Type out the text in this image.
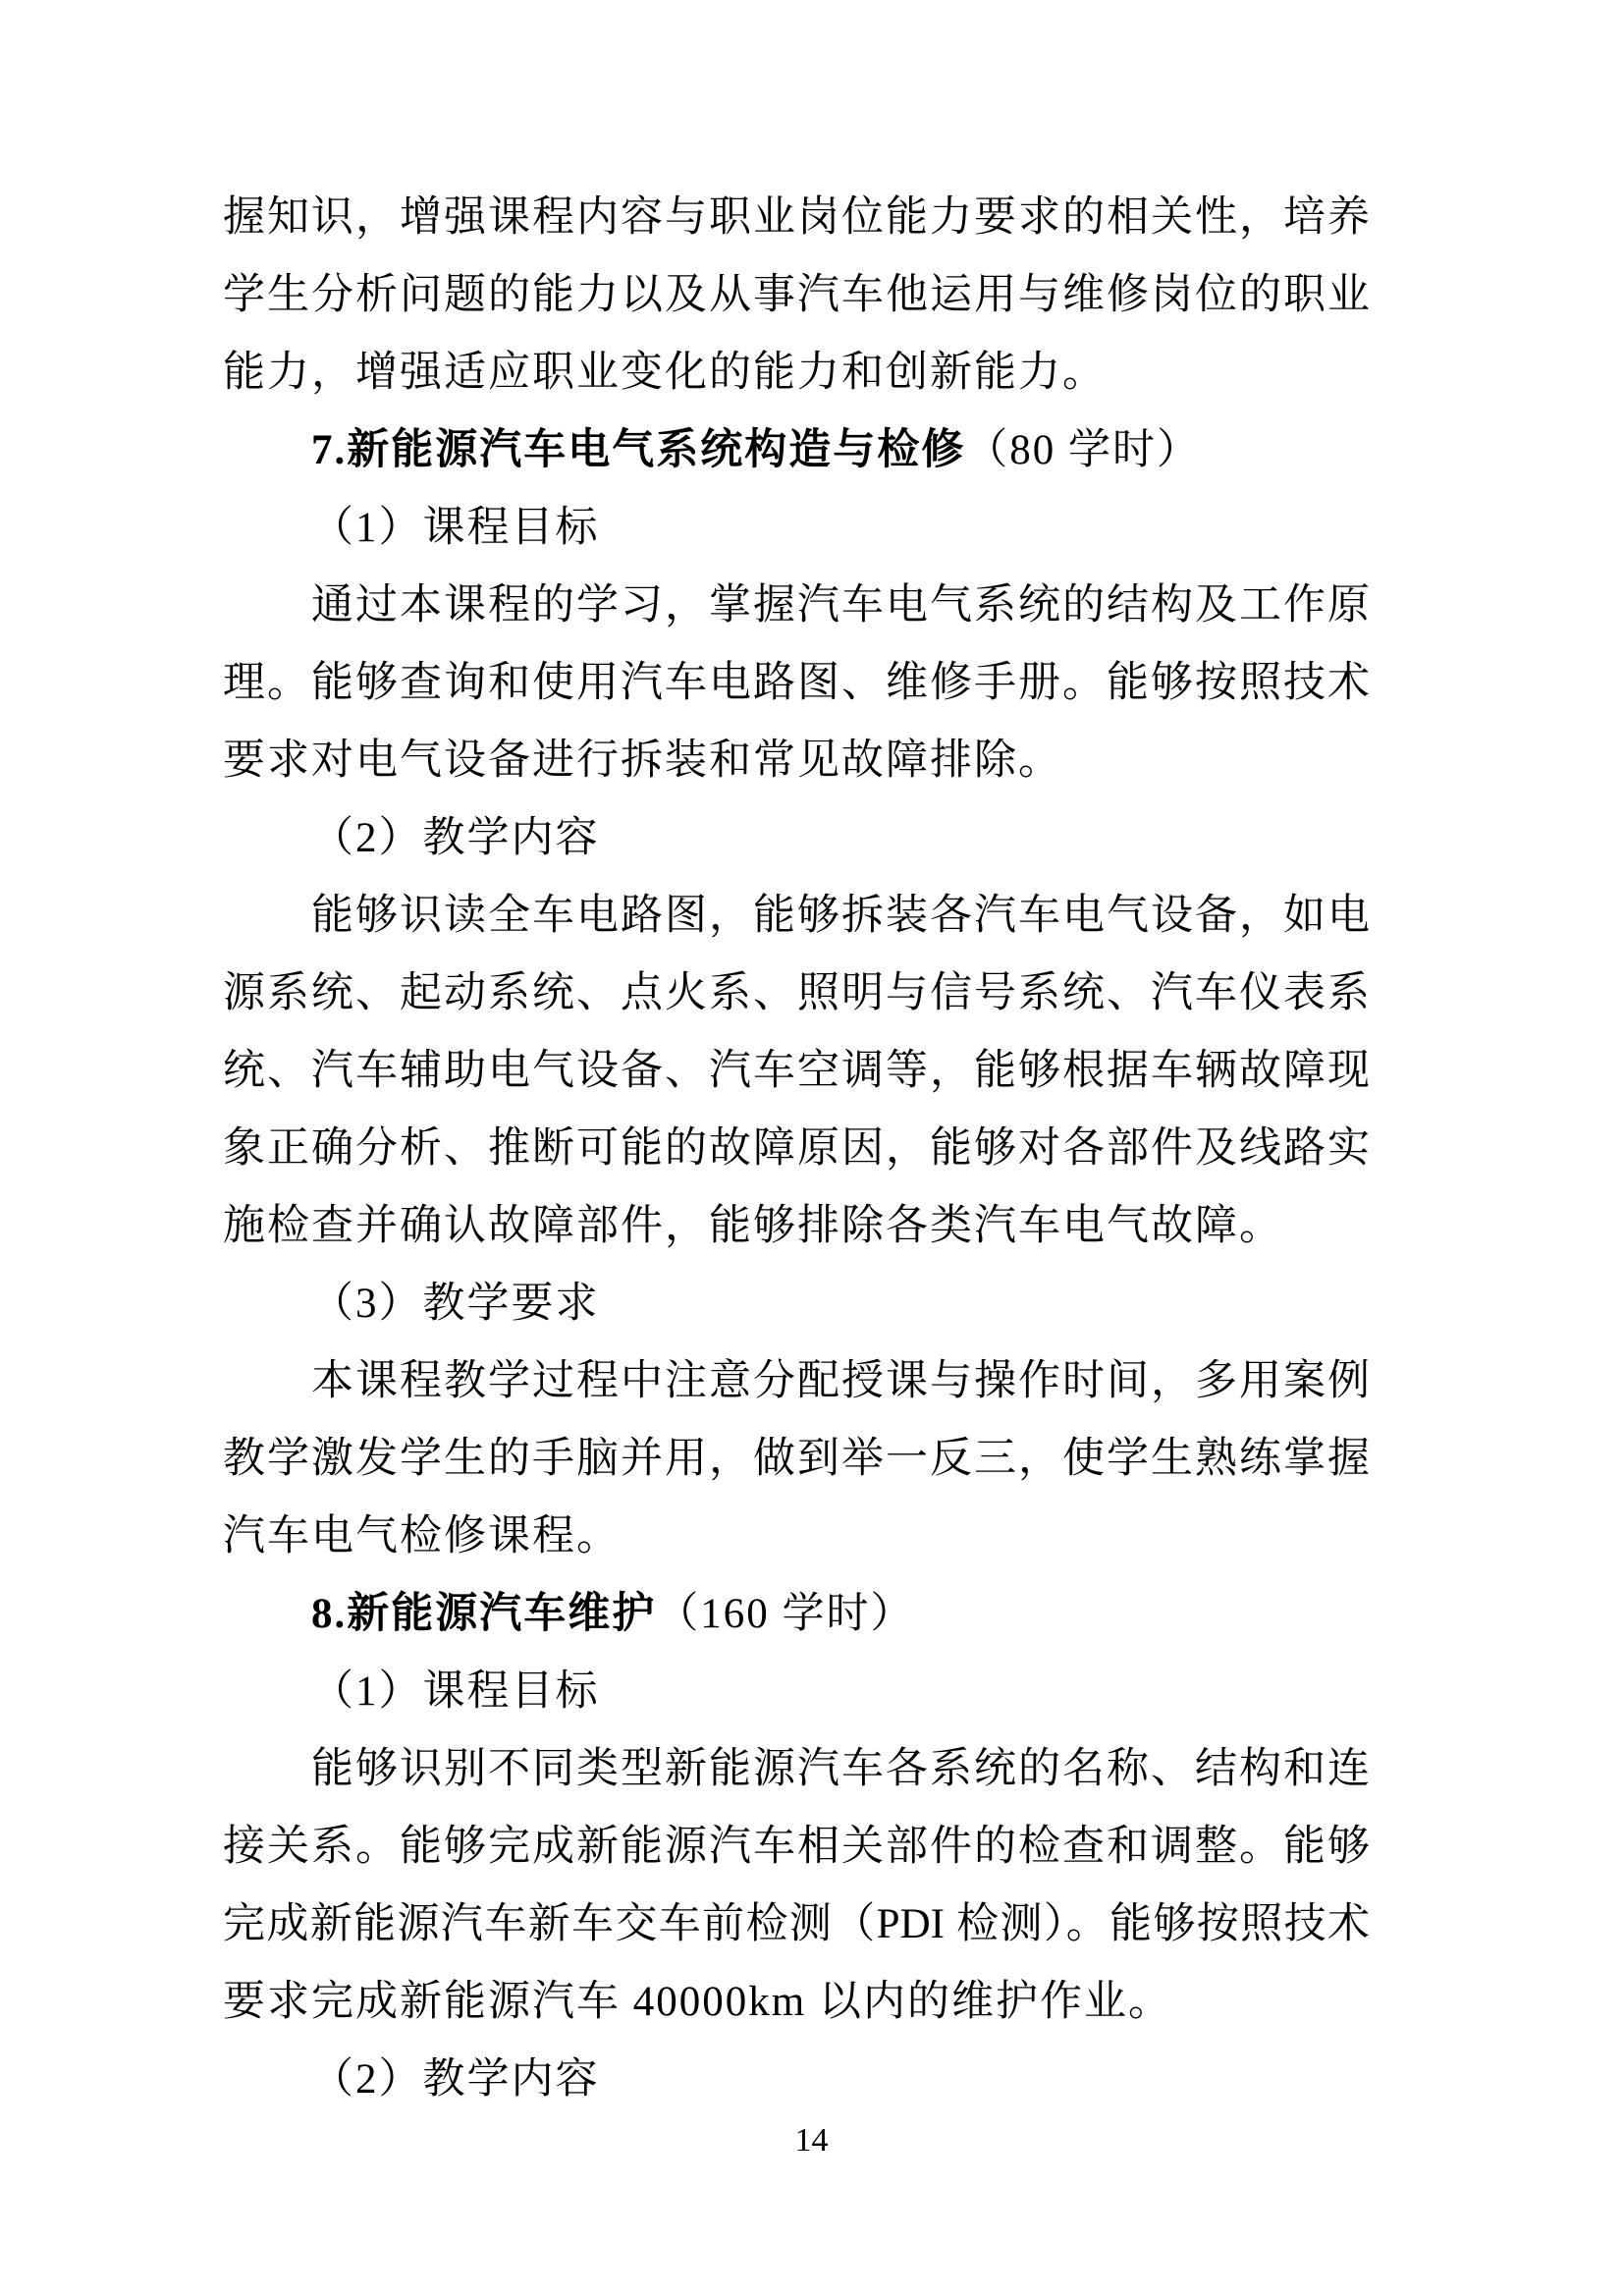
握知识，增强课程内容与职业岗位能力要求的相关性，培养
学生分析问题的能力以及从事汽车他运用与维修岗位的职业
能力，增强适应职业变化的能力和创新能力。
7.新能源汽车电气系统构造与检修（80 学时）
（1）课程目标
通过本课程的学习，掌握汽车电气系统的结构及工作原
理。能够查询和使用汽车电路图、维修手册。能够按照技术
要求对电气设备进行拆装和常见故障排除。
（2）教学内容
能够识读全车电路图，能够拆装各汽车电气设备，如电
源系统、起动系统、点火系、照明与信号系统、汽车仪表系
统、汽车辅助电气设备、汽车空调等，能够根据车辆故障现
象正确分析、推断可能的故障原因，能够对各部件及线路实
施检查并确认故障部件，能够排除各类汽车电气故障。
（3）教学要求
本课程教学过程中注意分配授课与操作时间，多用案例
教学激发学生的手脑并用，做到举一反三，使学生熟练掌握
汽车电气检修课程。
8.新能源汽车维护（160 学时）
（1）课程目标
能够识别不同类型新能源汽车各系统的名称、结构和连
接关系。能够完成新能源汽车相关部件的检查和调整。能够
完成新能源汽车新车交车前检测（PDI 检测）。能够按照技术
要求完成新能源汽车 40000km 以内的维护作业。
（2）教学内容
14
